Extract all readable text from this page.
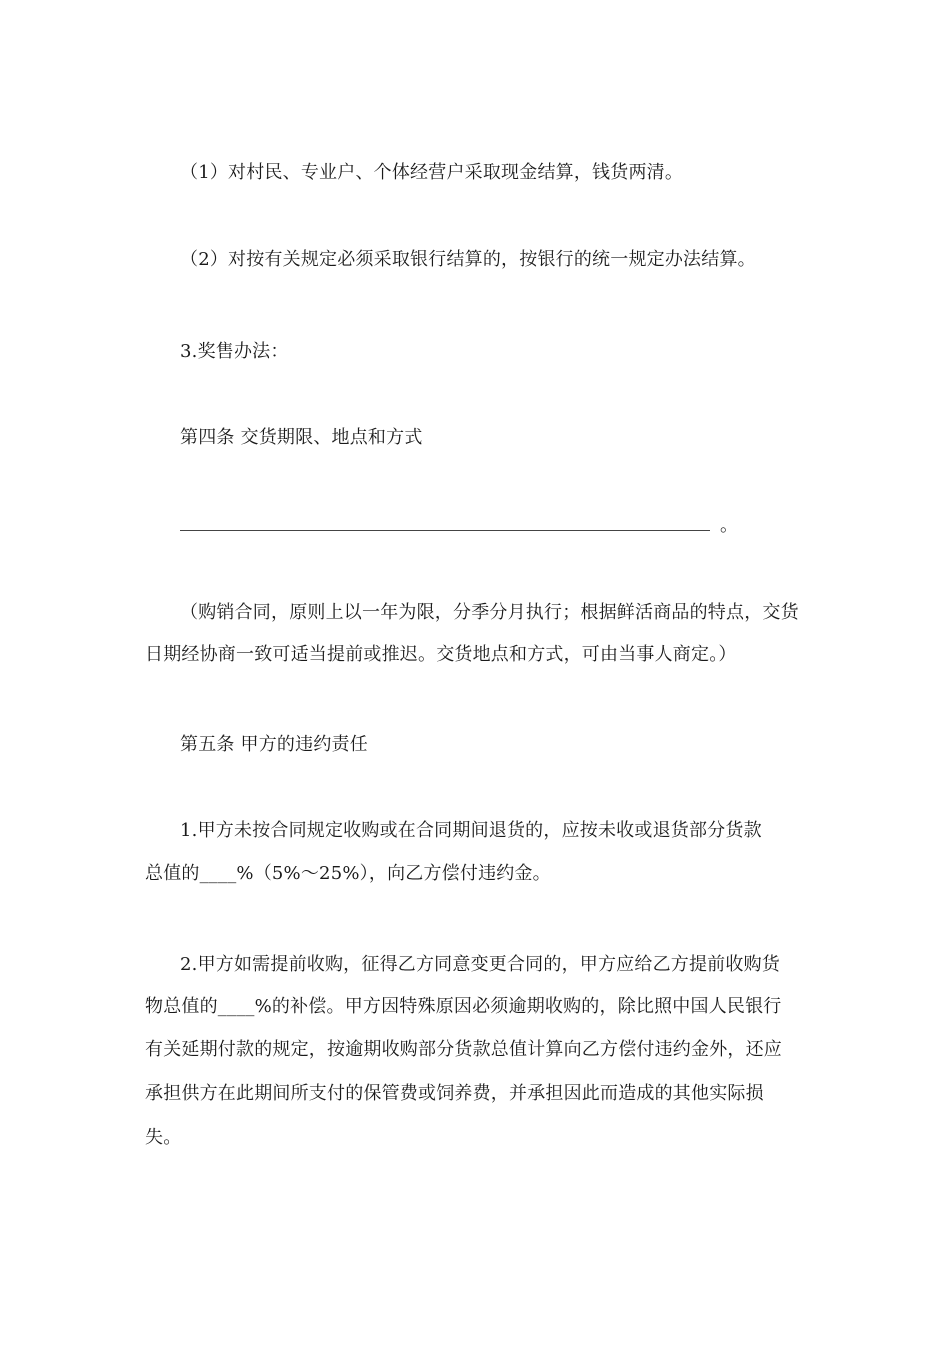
（1）对村民、专业户、个体经营户采取现金结算，钱货两清。
（2）对按有关规定必须采取银行结算的，按银行的统一规定办法结算。
3.奖售办法：
第四条 交货期限、地点和方式
。
（购销合同，原则上以一年为限，分季分月执行；根据鲜活商品的特点，交货
日期经协商一致可适当提前或推迟。交货地点和方式，可由当事人商定。）
第五条 甲方的违约责任
1.甲方未按合同规定收购或在合同期间退货的，应按未收或退货部分货款
总值的____%（5%～25%），向乙方偿付违约金。
2.甲方如需提前收购，征得乙方同意变更合同的，甲方应给乙方提前收购货
物总值的____%的补偿。甲方因特殊原因必须逾期收购的，除比照中国人民银行
有关延期付款的规定，按逾期收购部分货款总值计算向乙方偿付违约金外，还应
承担供方在此期间所支付的保管费或饲养费，并承担因此而造成的其他实际损
失。
